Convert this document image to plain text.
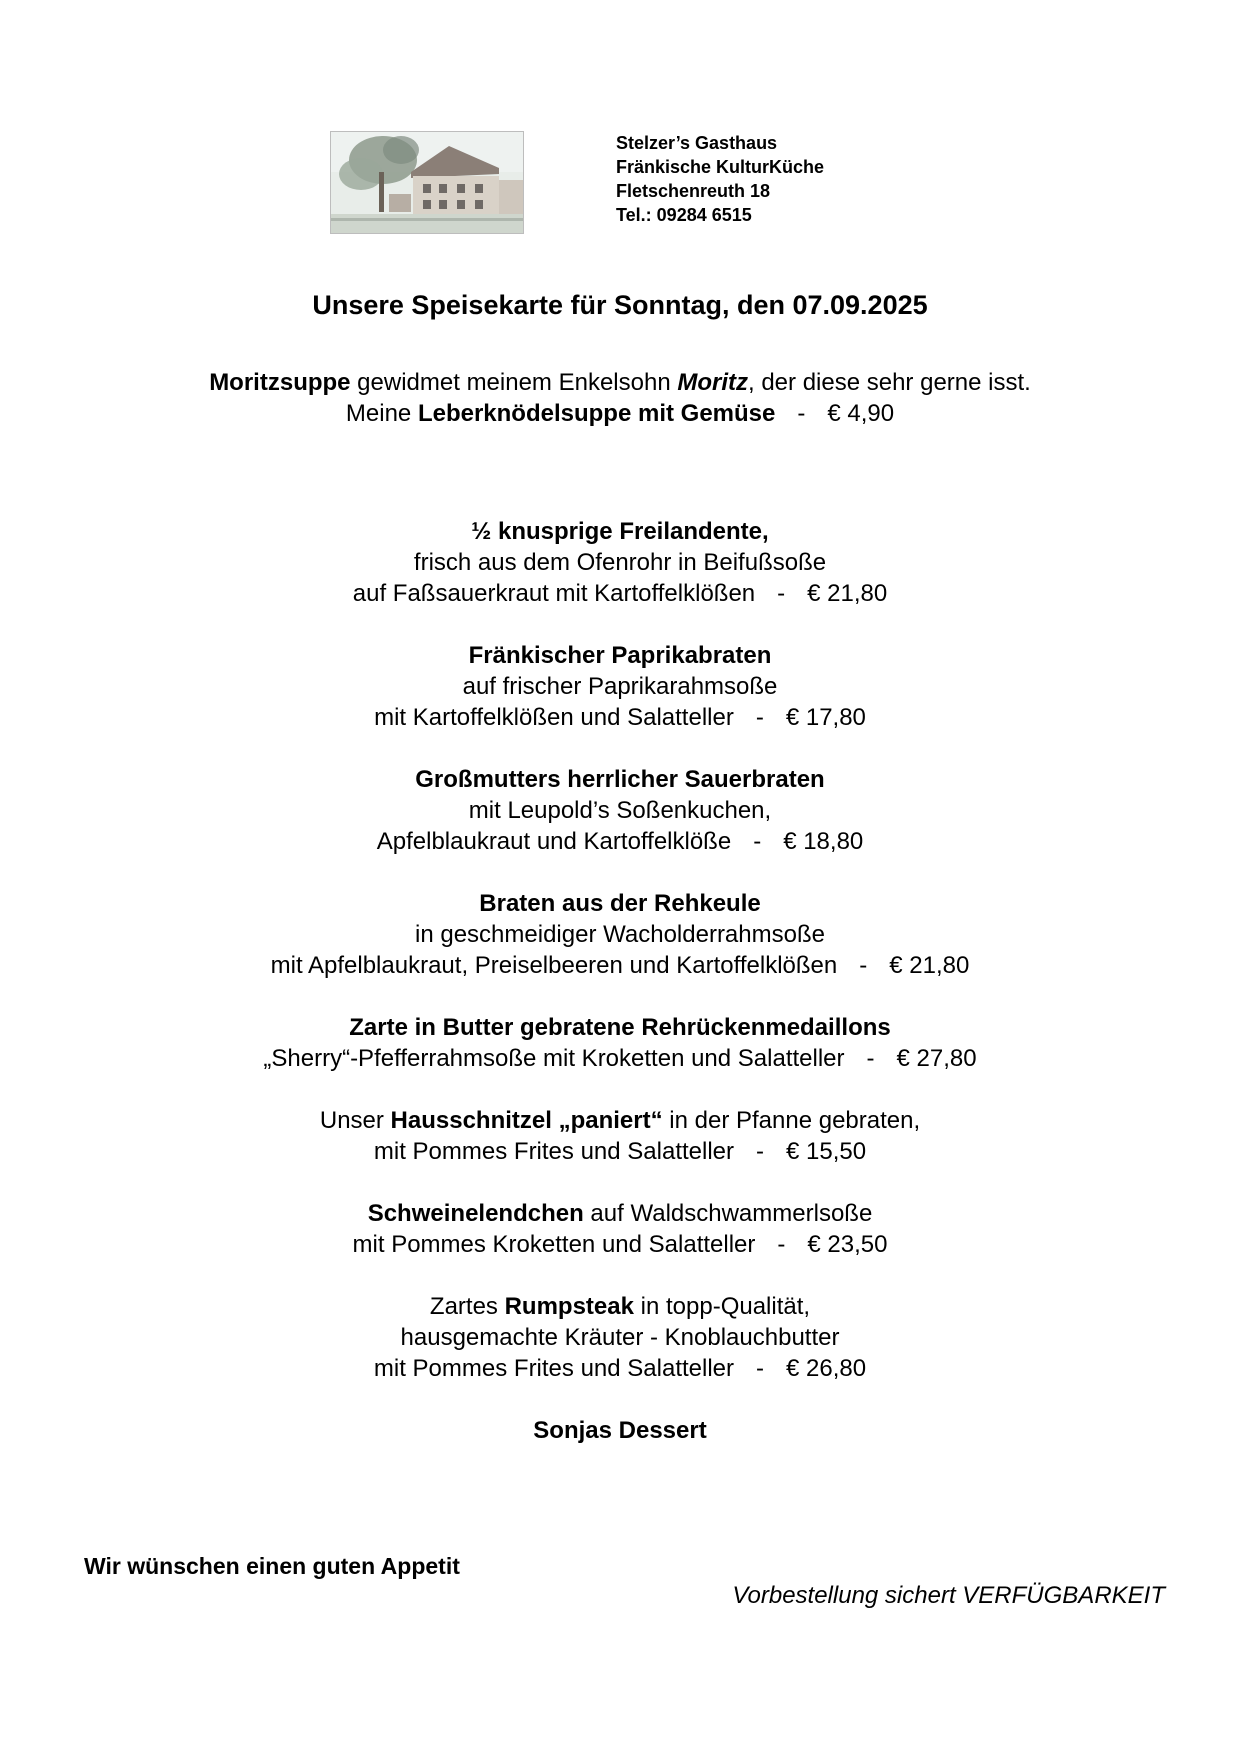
Stelzer’s Gasthaus
Fränkische KulturKüche
Fletschenreuth 18
Tel.: 09284 6515
Unsere Speisekarte für Sonntag, den 07.09.2025
Moritzsuppe gewidmet meinem Enkelsohn Moritz, der diese sehr gerne isst.
Meine Leberknödelsuppe mit Gemüse - € 4,90
½ knusprige Freilandente,
frisch aus dem Ofenrohr in Beifußsoße
auf Faßsauerkraut mit Kartoffelklößen - € 21,80
Fränkischer Paprikabraten
auf frischer Paprikarahmsoße
mit Kartoffelklößen und Salatteller - € 17,80
Großmutters herrlicher Sauerbraten
mit Leupold’s Soßenkuchen,
Apfelblaukraut und Kartoffelklöße - € 18,80
Braten aus der Rehkeule
in geschmeidiger Wacholderrahmsoße
mit Apfelblaukraut, Preiselbeeren und Kartoffelklößen - € 21,80
Zarte in Butter gebratene Rehrückenmedaillons
„Sherry“-Pfefferrahmsoße mit Kroketten und Salatteller - € 27,80
Unser Hausschnitzel „paniert“ in der Pfanne gebraten,
mit Pommes Frites und Salatteller - € 15,50
Schweinelendchen auf Waldschwammerlsoße
mit Pommes Kroketten und Salatteller - € 23,50
Zartes Rumpsteak in topp-Qualität,
hausgemachte Kräuter - Knoblauchbutter
mit Pommes Frites und Salatteller - € 26,80
Sonjas Dessert
Wir wünschen einen guten Appetit
Vorbestellung sichert VERFÜGBARKEIT
